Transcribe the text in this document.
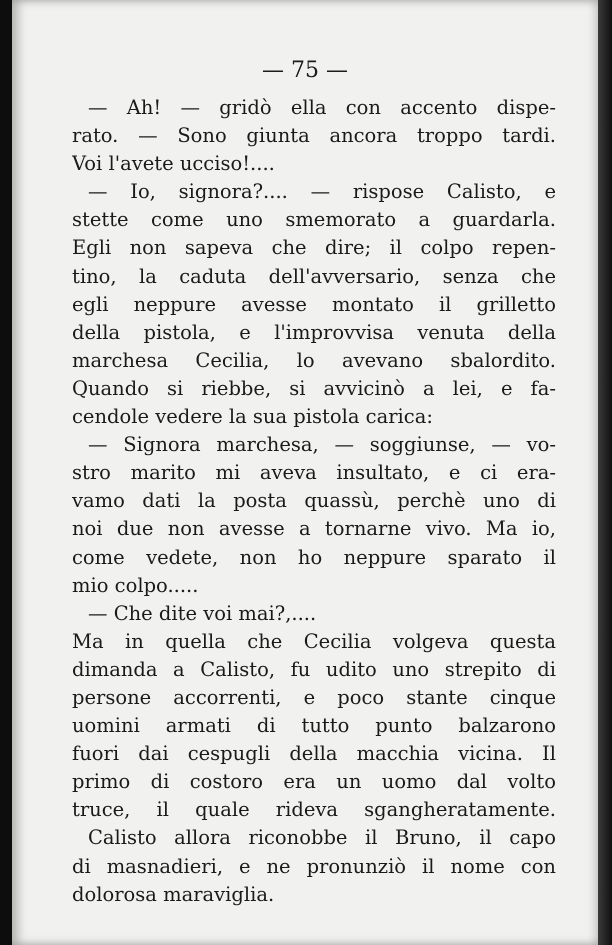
— 75 —

— Ah! — gridò ella con accento dispe-
rato. — Sono giunta ancora troppo tardi.
Voi l'avete ucciso!....
— Io, signora?.... — rispose Calisto, e
stette come uno smemorato a guardarla.
Egli non sapeva che dire; il colpo repen-
tino, la caduta dell'avversario, senza che
egli neppure avesse montato il grilletto
della pistola, e l'improvvisa venuta della
marchesa Cecilia, lo avevano sbalordito.
Quando si riebbe, si avvicinò a lei, e fa-
cendole vedere la sua pistola carica:
— Signora marchesa, — soggiunse, — vo-
stro marito mi aveva insultato, e ci era-
vamo dati la posta quassù, perchè uno di
noi due non avesse a tornarne vivo. Ma io,
come vedete, non ho neppure sparato il
mio colpo.....
— Che dite voi mai?,....
Ma in quella che Cecilia volgeva questa
dimanda a Calisto, fu udito uno strepito di
persone accorrenti, e poco stante cinque
uomini armati di tutto punto balzarono
fuori dai cespugli della macchia vicina. Il
primo di costoro era un uomo dal volto
truce, il quale rideva sgangheratamente.
Calisto allora riconobbe il Bruno, il capo
di masnadieri, e ne pronunziò il nome con
dolorosa maraviglia.
